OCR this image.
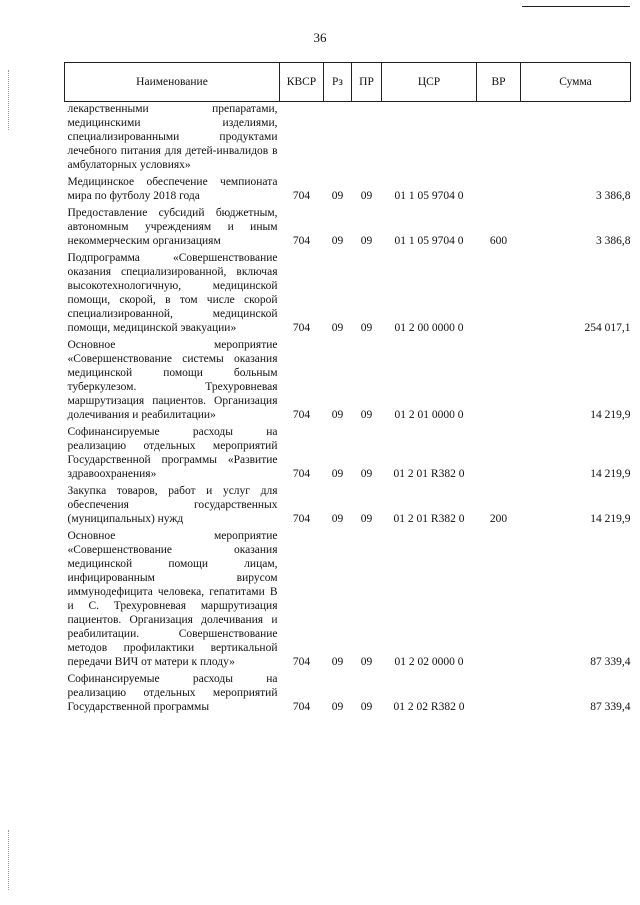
36
Наименование	КВСР	Рз	ПР	ЦСР	ВР	Сумма
лекарственными препаратами, медицинскими изделиями, специализированными продуктами лечебного питания для детей-инвалидов в амбулаторных условиях»						
Медицинское обеспечение чемпионата мира по футболу 2018 года	704	09	09	01 1 05 9704 0		3 386,8
Предоставление субсидий бюджетным, автономным учреждениям и иным некоммерческим организациям	704	09	09	01 1 05 9704 0	600	3 386,8
Подпрограмма «Совершенствование оказания специализированной, включая высокотехнологичную, медицинской помощи, скорой, в том числе скорой специализированной, медицинской помощи, медицинской эвакуации»	704	09	09	01 2 00 0000 0		254 017,1
Основное мероприятие «Совершенствование системы оказания медицинской помощи больным туберкулезом. Трехуровневая маршрутизация пациентов. Организация долечивания и реабилитации»	704	09	09	01 2 01 0000 0		14 219,9
Софинансируемые расходы на реализацию отдельных мероприятий Государственной программы «Развитие здравоохранения»	704	09	09	01 2 01 R382 0		14 219,9
Закупка товаров, работ и услуг для обеспечения государственных (муниципальных) нужд	704	09	09	01 2 01 R382 0	200	14 219,9
Основное мероприятие «Совершенствование оказания медицинской помощи лицам, инфицированным вирусом иммунодефицита человека, гепатитами В и С. Трехуровневая маршрутизация пациентов. Организация долечивания и реабилитации. Совершенствование методов профилактики вертикальной передачи ВИЧ от матери к плоду»	704	09	09	01 2 02 0000 0		87 339,4
Софинансируемые расходы на реализацию отдельных мероприятий Государственной программы	704	09	09	01 2 02 R382 0		87 339,4
